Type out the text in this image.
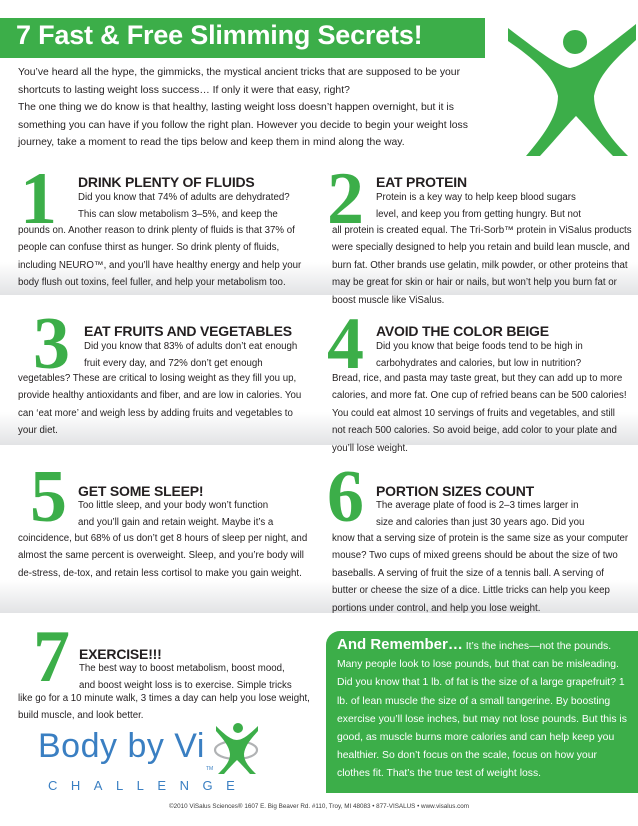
7 Fast & Free Slimming Secrets!
You’ve heard all the hype, the gimmicks, the mystical ancient tricks that are supposed to be your shortcuts to lasting weight loss success… If only it were that easy, right?
The one thing we do know is that healthy, lasting weight loss doesn’t happen overnight, but it is something you can have if you follow the right plan. However you decide to begin your weight loss journey, take a moment to read the tips below and keep them in mind along the way.
1 DRINK PLENTY OF FLUIDS
Did you know that 74% of adults are dehydrated?
This can slow metabolism 3–5%, and keep the
pounds on. Another reason to drink plenty of fluids is that 37% of people can confuse thirst as hunger. So drink plenty of fluids, including NEURO™, and you’ll have healthy energy and help your body flush out toxins, feel fuller, and help your metabolism too.
2 EAT PROTEIN
Protein is a key way to help keep blood sugars
level, and keep you from getting hungry. But not
all protein is created equal. The Tri-Sorb™ protein in ViSalus products were specially designed to help you retain and build lean muscle, and burn fat. Other brands use gelatin, milk powder, or other proteins that may be great for skin or hair or nails, but won’t help you burn fat or boost muscle like ViSalus.
3 EAT FRUITS AND VEGETABLES
Did you know that 83% of adults don’t eat enough
fruit every day, and 72% don’t get enough
vegetables? These are critical to losing weight as they fill you up, provide healthy antioxidants and fiber, and are low in calories. You can ‘eat more’ and weigh less by adding fruits and vegetables to your diet.
4 AVOID THE COLOR BEIGE
Did you know that beige foods tend to be high in
carbohydrates and calories, but low in nutrition?
Bread, rice, and pasta may taste great, but they can add up to more calories, and more fat. One cup of refried beans can be 500 calories! You could eat almost 10 servings of fruits and vegetables, and still not reach 500 calories. So avoid beige, add color to your plate and you’ll lose weight.
5 GET SOME SLEEP!
Too little sleep, and your body won’t function
and you’ll gain and retain weight. Maybe it’s a
coincidence, but 68% of us don’t get 8 hours of sleep per night, and almost the same percent is overweight. Sleep, and you’re body will de-stress, de-tox, and retain less cortisol to make you gain weight.
6 PORTION SIZES COUNT
The average plate of food is 2–3 times larger in
size and calories than just 30 years ago. Did you
know that a serving size of protein is the same size as your computer mouse? Two cups of mixed greens should be about the size of two baseballs. A serving of fruit the size of a tennis ball. A serving of butter or cheese the size of a dice. Little tricks can help you keep portions under control, and help you lose weight.
7 EXERCISE!!!
The best way to boost metabolism, boost mood,
and boost weight loss is to exercise. Simple tricks
like go for a 10 minute walk, 3 times a day can help you lose weight, build muscle, and look better.
And Remember… It’s the inches—not the pounds. Many people look to lose pounds, but that can be misleading. Did you know that 1 lb. of fat is the size of a large grapefruit? 1 lb. of lean muscle the size of a small tangerine. By boosting exercise you’ll lose inches, but may not lose pounds. But this is good, as muscle burns more calories and can help keep you healthier. So don’t focus on the scale, focus on how your clothes fit. That’s the true test of weight loss.
Body by Vi
TM
CHALLENGE
©2010 ViSalus Sciences® 1607 E. Big Beaver Rd. #110, Troy, MI 48083 • 877-VISALUS • www.visalus.com
